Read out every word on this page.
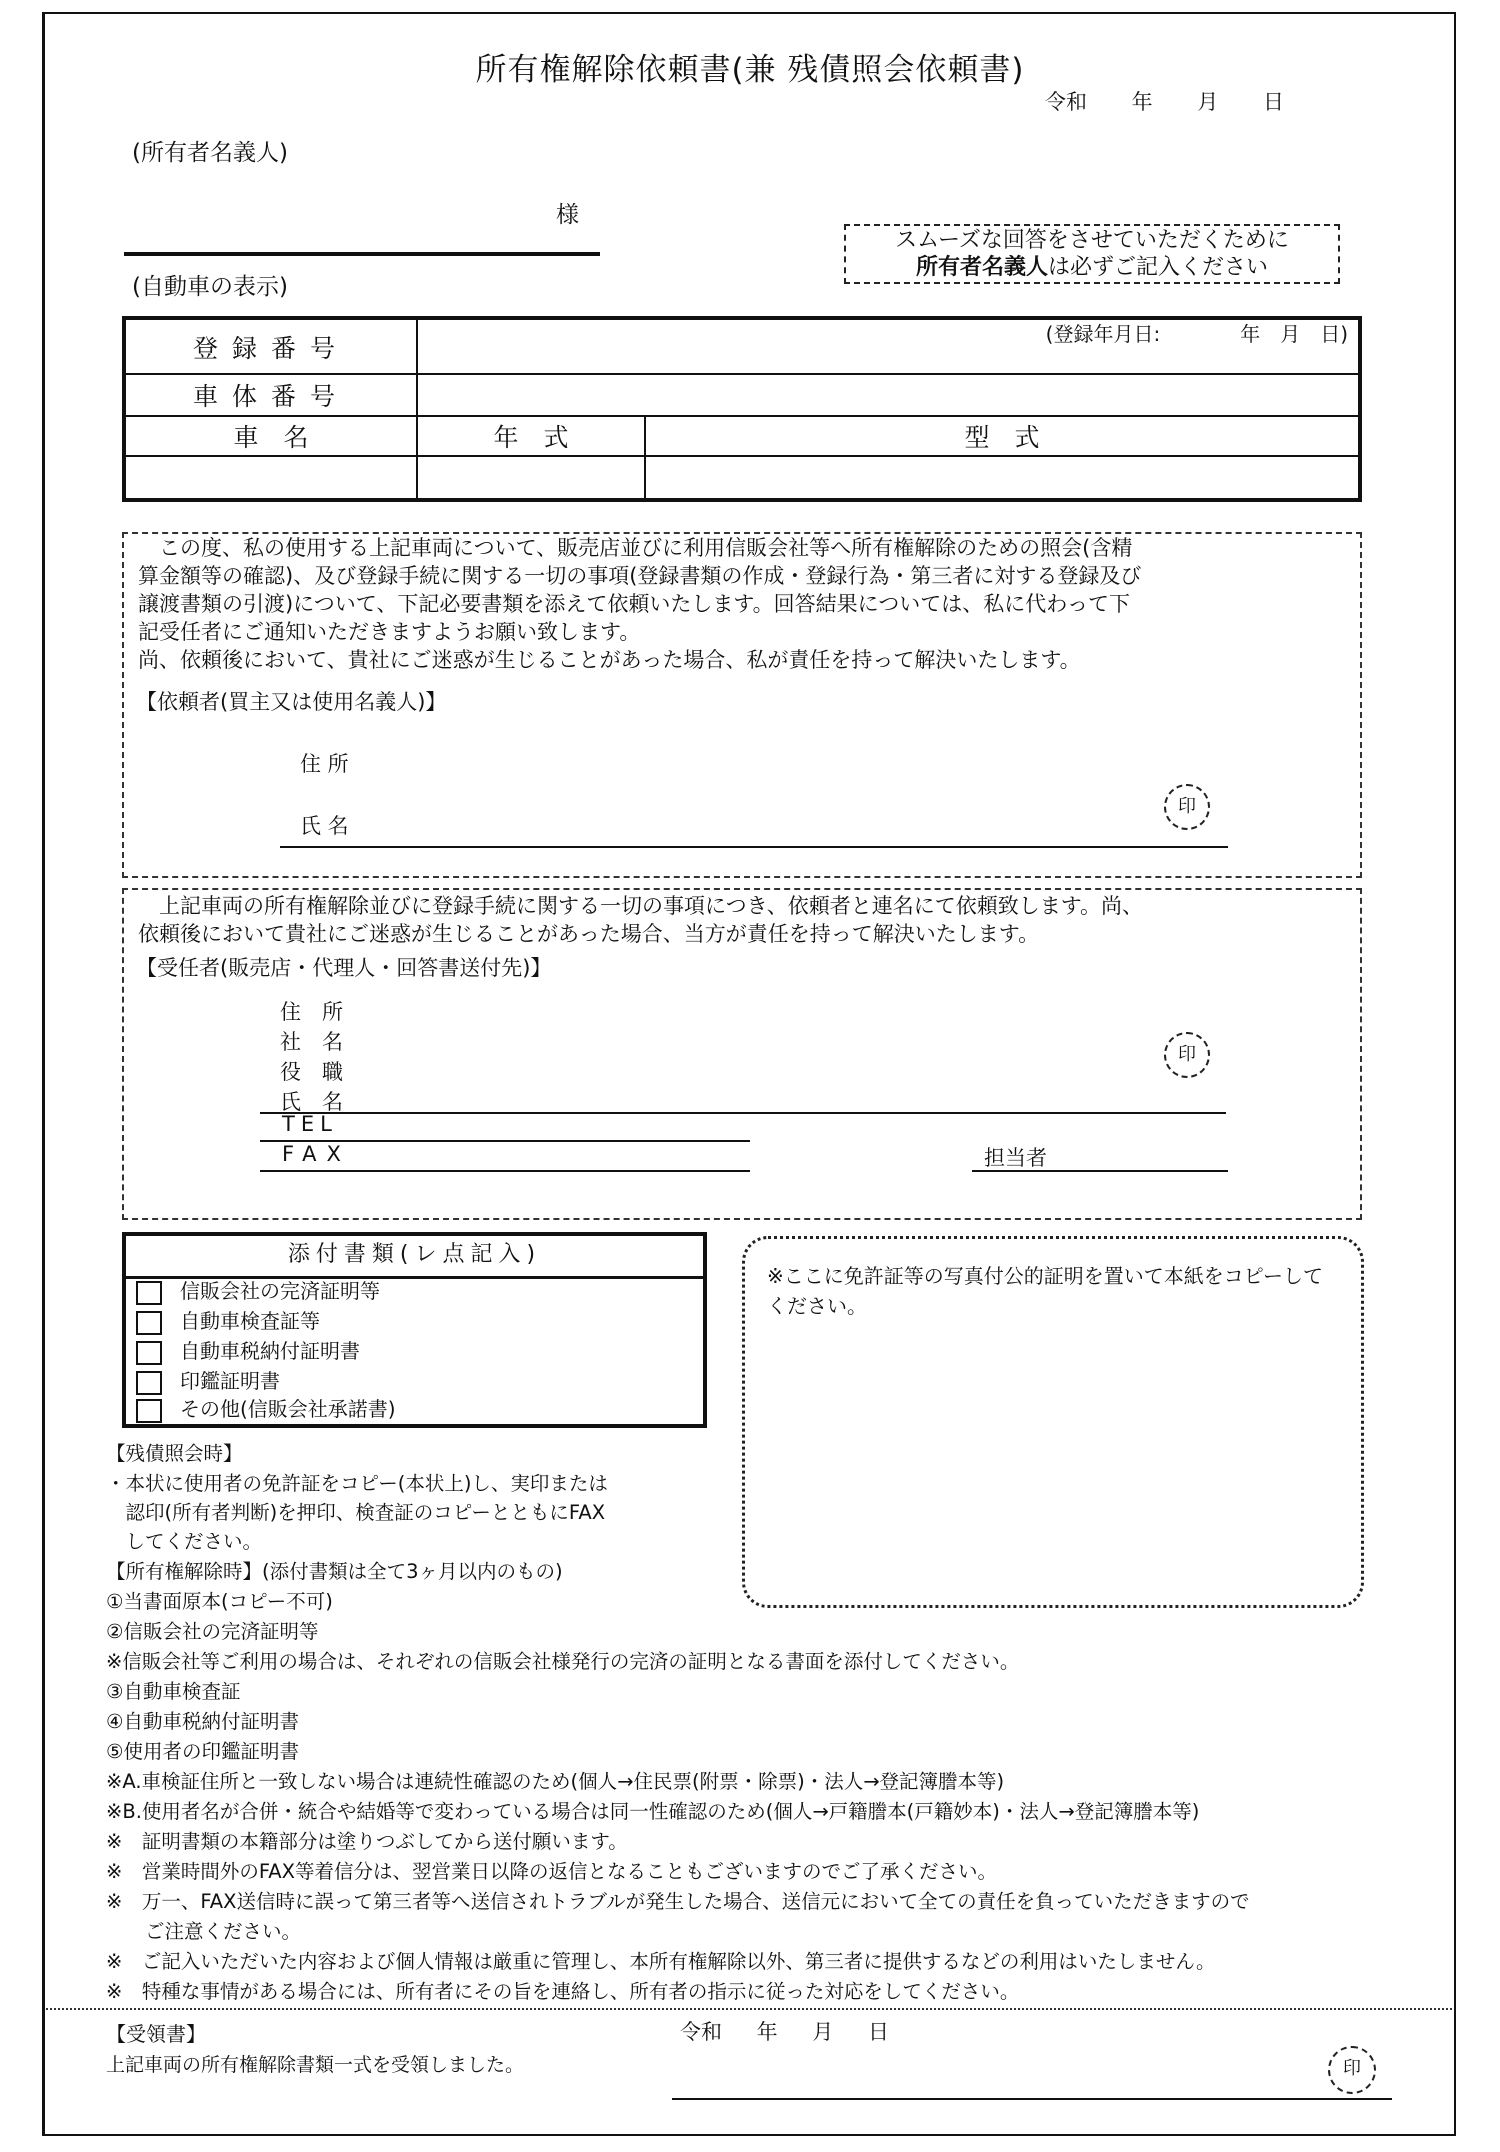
所有権解除依頼書(兼 残債照会依頼書)
令和 年 月 日
(所有者名義人)
様
スムーズな回答をさせていただくために
所有者名義人は必ずご記入ください
(自動車の表示)
登録番号	(登録年月日:　　　　年　月　日)	

車体番号		
車　名	年　式	型　式

　この度、私の使用する上記車両について、販売店並びに利用信販会社等へ所有権解除のための照会(含精
算金額等の確認)、及び登録手続に関する一切の事項(登録書類の作成・登録行為・第三者に対する登録及び
譲渡書類の引渡)について、下記必要書類を添えて依頼いたします。回答結果については、私に代わって下
記受任者にご通知いただきますようお願い致します。
尚、依頼後において、貴社にご迷惑が生じることがあった場合、私が責任を持って解決いたします。
【依頼者(買主又は使用名義人)】
住 所
氏 名
印
　上記車両の所有権解除並びに登録手続に関する一切の事項につき、依頼者と連名にて依頼致します。尚、
依頼後において貴社にご迷惑が生じることがあった場合、当方が責任を持って解決いたします。
【受任者(販売店・代理人・回答書送付先)】
住　所
社　名
役　職
氏　名
印
TEL
FAX	担当者
添付書類(レ点記入)
信販会社の完済証明等
自動車検査証等
自動車税納付証明書
印鑑証明書
その他(信販会社承諾書)
※ここに免許証等の写真付公的証明を置いて本紙をコピーしてください。
【残債照会時】
・本状に使用者の免許証をコピー(本状上)し、実印または
　認印(所有者判断)を押印、検査証のコピーとともにFAX
　してください。
【所有権解除時】(添付書類は全て3ヶ月以内のもの)
①当書面原本(コピー不可)
②信販会社の完済証明等
※信販会社等ご利用の場合は、それぞれの信販会社様発行の完済の証明となる書面を添付してください。
③自動車検査証
④自動車税納付証明書
⑤使用者の印鑑証明書
※A.車検証住所と一致しない場合は連続性確認のため(個人→住民票(附票・除票)・法人→登記簿謄本等)
※B.使用者名が合併・統合や結婚等で変わっている場合は同一性確認のため(個人→戸籍謄本(戸籍妙本)・法人→登記簿謄本等)
※　証明書類の本籍部分は塗りつぶしてから送付願います。
※　営業時間外のFAX等着信分は、翌営業日以降の返信となることもございますのでご了承ください。
※　万一、FAX送信時に誤って第三者等へ送信されトラブルが発生した場合、送信元において全ての責任を負っていただきますので
　　ご注意ください。
※　ご記入いただいた内容および個人情報は厳重に管理し、本所有権解除以外、第三者に提供するなどの利用はいたしません。
※　特種な事情がある場合には、所有者にその旨を連絡し、所有者の指示に従った対応をしてください。
【受領書】	令和 年 月 日
上記車両の所有権解除書類一式を受領しました。	印
